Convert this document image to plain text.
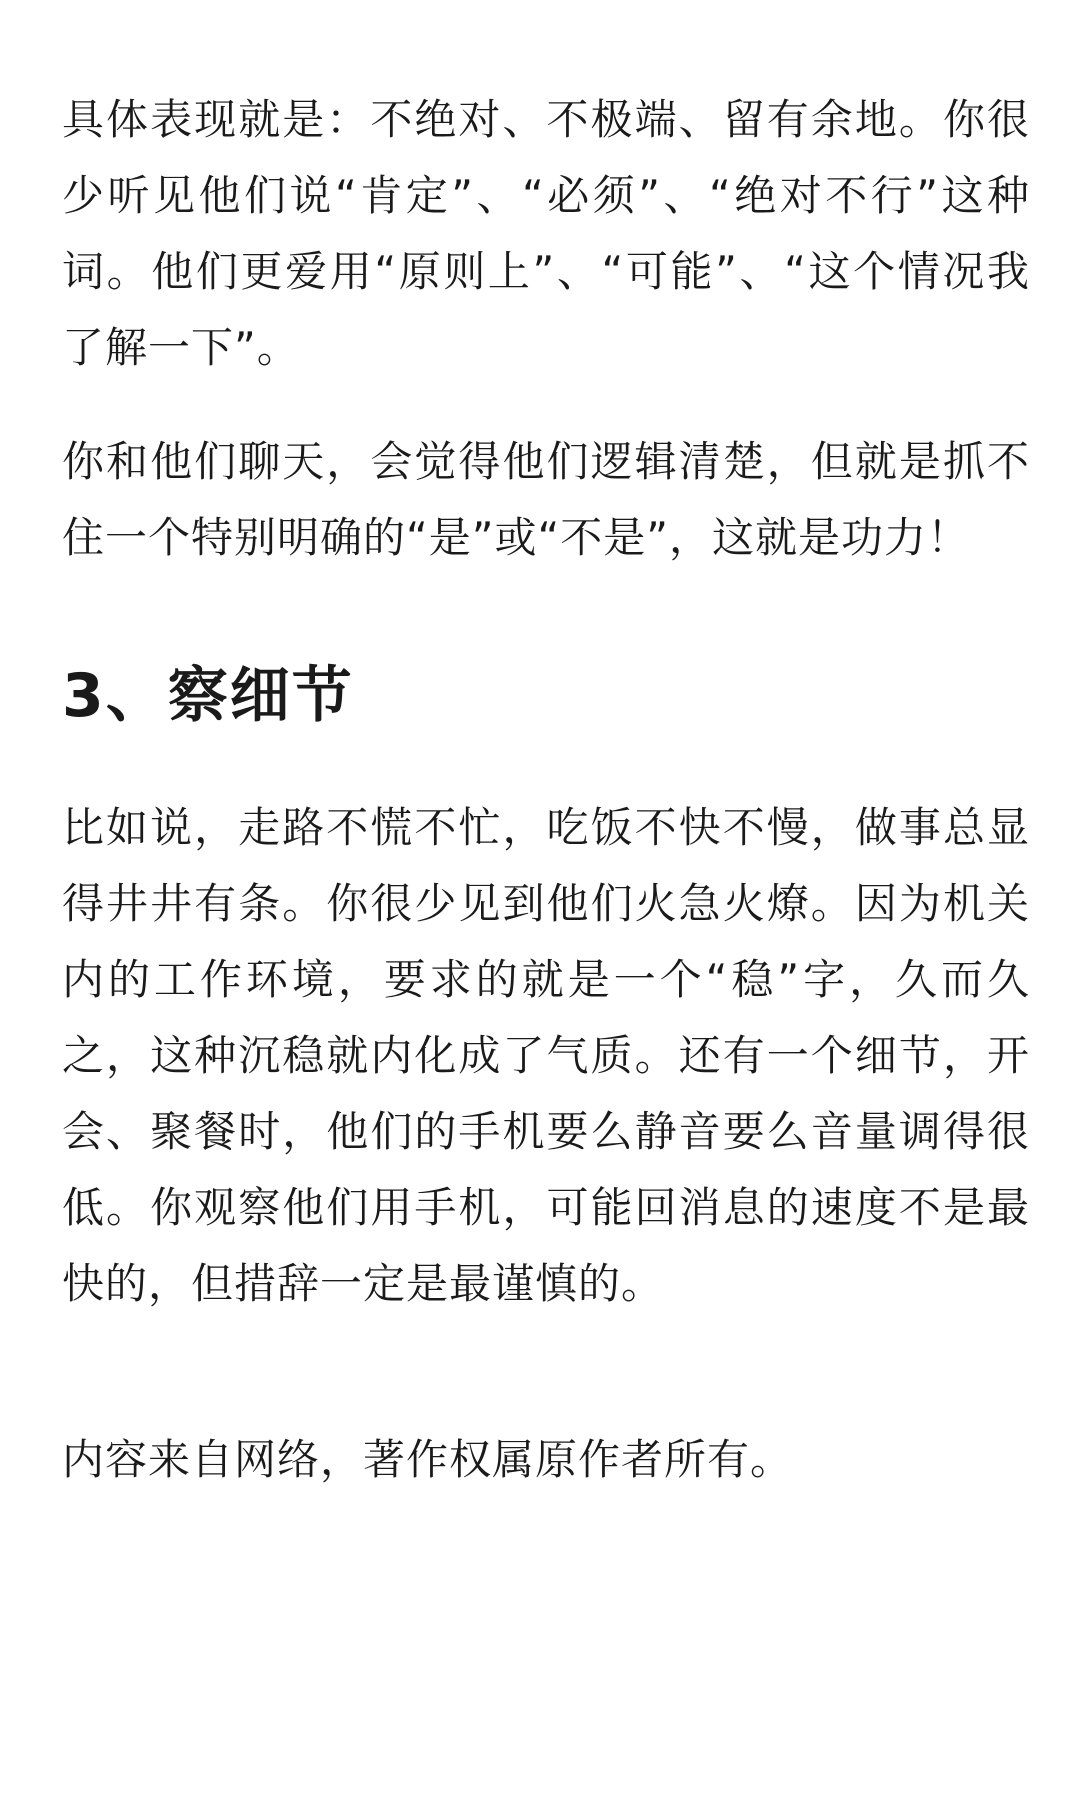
具体表现就是：不绝对、不极端、留有余地。你很少听见他们说“肯定”、“必须”、“绝对不行”这种词。他们更爱用“原则上”、“可能”、“这个情况我了解一下”。

你和他们聊天，会觉得他们逻辑清楚，但就是抓不住一个特别明确的“是”或“不是”，这就是功力！

3、察细节

比如说，走路不慌不忙，吃饭不快不慢，做事总显得井井有条。你很少见到他们火急火燎。因为机关内的工作环境，要求的就是一个“稳”字，久而久之，这种沉稳就内化成了气质。还有一个细节，开会、聚餐时，他们的手机要么静音要么音量调得很低。你观察他们用手机，可能回消息的速度不是最快的，但措辞一定是最谨慎的。

内容来自网络，著作权属原作者所有。
